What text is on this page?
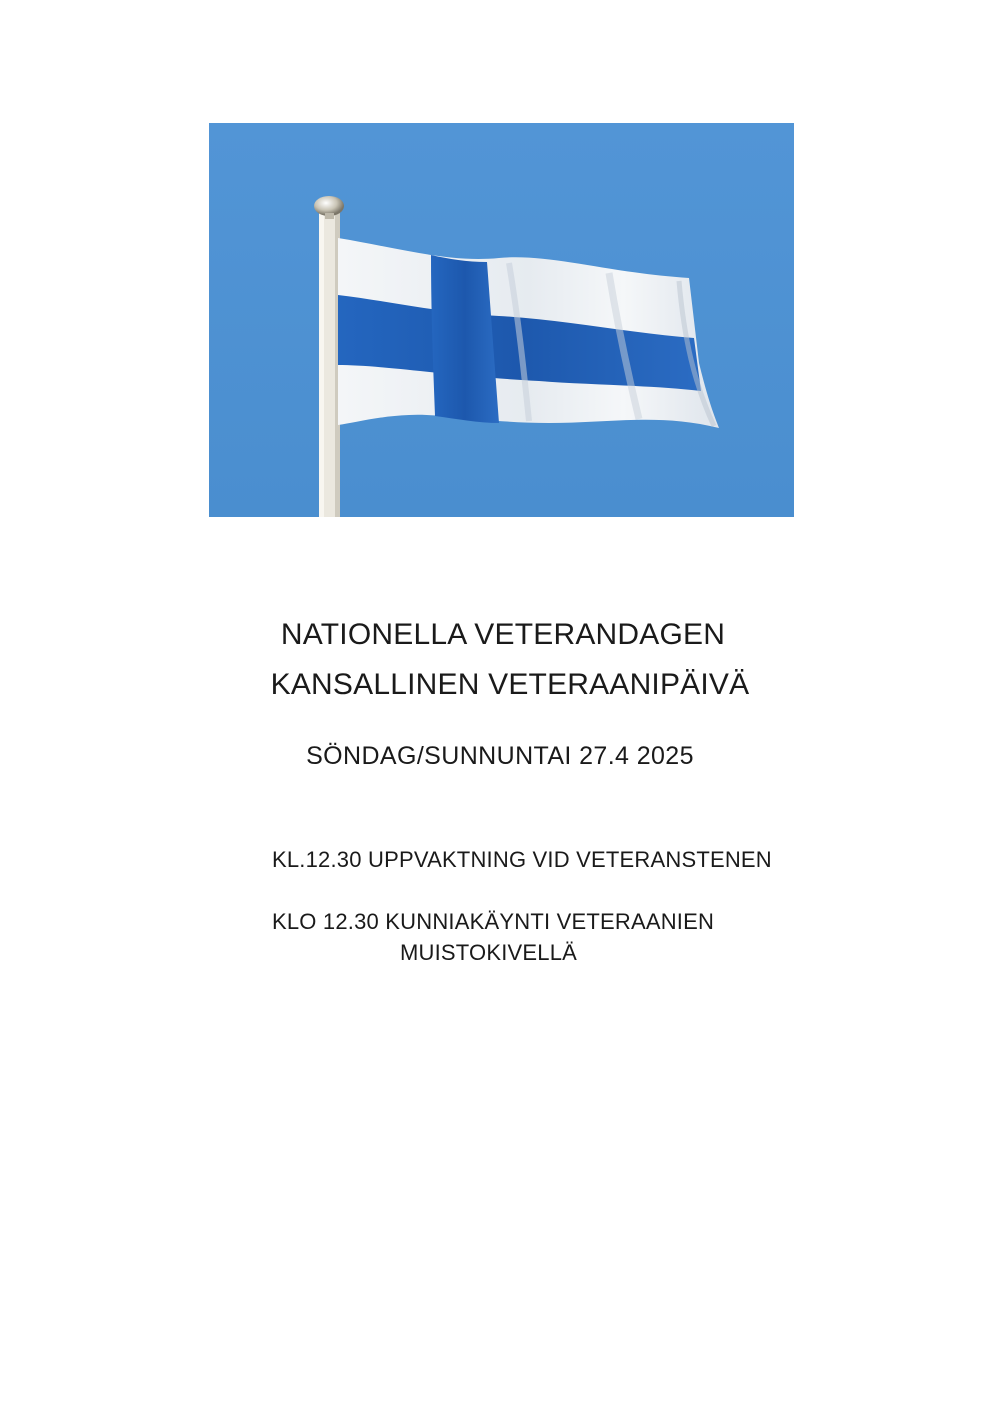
NATIONELLA VETERANDAGEN
KANSALLINEN VETERAANIPÄIVÄ

SÖNDAG/SUNNUNTAI 27.4 2025

KL.12.30 UPPVAKTNING VID VETERANSTENEN

KLO 12.30 KUNNIAKÄYNTI VETERAANIEN

MUISTOKIVELLÄ
